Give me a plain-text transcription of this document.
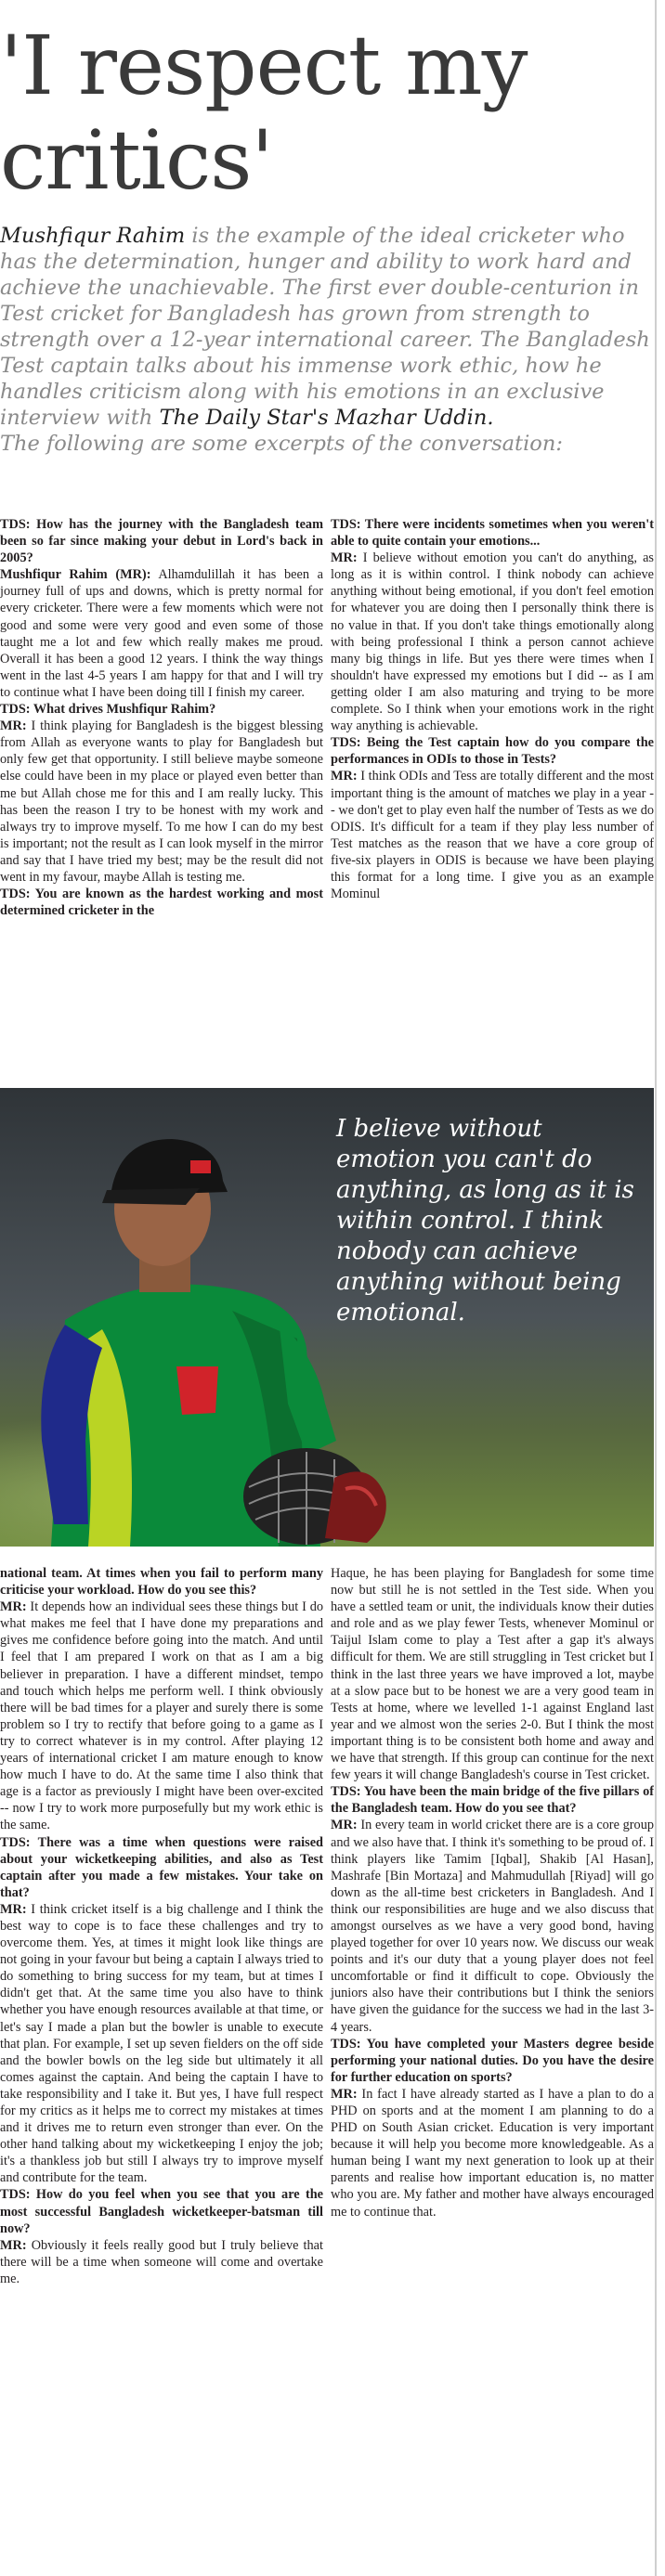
'I respect my critics'
Mushfiqur Rahim is the example of the ideal cricketer who has the determination, hunger and ability to work hard and achieve the unachievable. The first ever double-centurion in Test cricket for Bangladesh has grown from strength to strength over a 12-year international career. The Bangladesh Test captain talks about his immense work ethic, how he handles criticism along with his emotions in an exclusive interview with The Daily Star's Mazhar Uddin.
The following are some excerpts of the conversation:

TDS: How has the journey with the Bangladesh team been so far since making your debut in Lord's back in 2005?

Mushfiqur Rahim (MR): Alhamdulillah it has been a journey full of ups and downs, which is pretty normal for every cricketer. There were a few moments which were not good and some were very good and even some of those taught me a lot and few which really makes me proud. Overall it has been a good 12 years. I think the way things went in the last 4-5 years I am happy for that and I will try to continue what I have been doing till I finish my career.

TDS: What drives Mushfiqur Rahim?

MR: I think playing for Bangladesh is the biggest blessing from Allah as everyone wants to play for Bangladesh but only few get that opportunity. I still believe maybe someone else could have been in my place or played even better than me but Allah chose me for this and I am really lucky. This has been the reason I try to be honest with my work and always try to improve myself. To me how I can do my best is important; not the result as I can look myself in the mirror and say that I have tried my best; may be the result did not went in my favour, maybe Allah is testing me.

TDS: You are known as the hardest working and most determined cricketer in the

TDS: There were incidents sometimes when you weren't able to quite contain your emotions...

MR: I believe without emotion you can't do anything, as long as it is within control. I think nobody can achieve anything without being emotional, if you don't feel emotion for whatever you are doing then I personally think there is no value in that. If you don't take things emotionally along with being professional I think a person cannot achieve many big things in life. But yes there were times when I shouldn't have expressed my emotions but I did -- as I am getting older I am also maturing and trying to be more complete. So I think when your emotions work in the right way anything is achievable.

TDS: Being the Test captain how do you compare the performances in ODIs to those in Tests?

MR: I think ODIs and Tess are totally different and the most important thing is the amount of matches we play in a year -- we don't get to play even half the number of Tests as we do ODIS. It's difficult for a team if they play less number of Test matches as the reason that we have a core group of five-six players in ODIS is because we have been playing this format for a long time. I give you as an example Mominul

I believe without emotion you can't do anything, as long as it is within control. I think nobody can achieve anything without being emotional.

national team. At times when you fail to perform many criticise your workload. How do you see this?

MR: It depends how an individual sees these things but I do what makes me feel that I have done my preparations and gives me confidence before going into the match. And until I feel that I am prepared I work on that as I am a big believer in preparation. I have a different mindset, tempo and touch which helps me perform well. I think obviously there will be bad times for a player and surely there is some problem so I try to rectify that before going to a game as I try to correct whatever is in my control. After playing 12 years of international cricket I am mature enough to know how much I have to do. At the same time I also think that age is a factor as previously I might have been over-excited -- now I try to work more purposefully but my work ethic is the same.

TDS: There was a time when questions were raised about your wicketkeeping abilities, and also as Test captain after you made a few mistakes. Your take on that?

MR: I think cricket itself is a big challenge and I think the best way to cope is to face these challenges and try to overcome them. Yes, at times it might look like things are not going in your favour but being a captain I always tried to do something to bring success for my team, but at times I didn't get that. At the same time you also have to think whether you have enough resources available at that time, or let's say I made a plan but the bowler is unable to execute that plan. For example, I set up seven fielders on the off side and the bowler bowls on the leg side but ultimately it all comes against the captain. And being the captain I have to take responsibility and I take it. But yes, I have full respect for my critics as it helps me to correct my mistakes at times and it drives me to return even stronger than ever. On the other hand talking about my wicketkeeping I enjoy the job; it's a thankless job but still I always try to improve myself and contribute for the team.

TDS: How do you feel when you see that you are the most successful Bangladesh wicketkeeper-batsman till now?

MR: Obviously it feels really good but I truly believe that there will be a time when someone will come and overtake me.

Haque, he has been playing for Bangladesh for some time now but still he is not settled in the Test side. When you have a settled team or unit, the individuals know their duties and role and as we play fewer Tests, whenever Mominul or Taijul Islam come to play a Test after a gap it's always difficult for them. We are still struggling in Test cricket but I think in the last three years we have improved a lot, maybe at a slow pace but to be honest we are a very good team in Tests at home, where we levelled 1-1 against England last year and we almost won the series 2-0. But I think the most important thing is to be consistent both home and away and we have that strength. If this group can continue for the next few years it will change Bangladesh's course in Test cricket.

TDS: You have been the main bridge of the five pillars of the Bangladesh team. How do you see that?

MR: In every team in world cricket there are is a core group and we also have that. I think it's something to be proud of. I think players like Tamim [Iqbal], Shakib [Al Hasan], Mashrafe [Bin Mortaza] and Mahmudullah [Riyad] will go down as the all-time best cricketers in Bangladesh. And I think our responsibilities are huge and we also discuss that amongst ourselves as we have a very good bond, having played together for over 10 years now. We discuss our weak points and it's our duty that a young player does not feel uncomfortable or find it difficult to cope. Obviously the juniors also have their contributions but I think the seniors have given the guidance for the success we had in the last 3-4 years.

TDS: You have completed your Masters degree beside performing your national duties. Do you have the desire for further education on sports?

MR: In fact I have already started as I have a plan to do a PHD on sports and at the moment I am planning to do a PHD on South Asian cricket. Education is very important because it will help you become more knowledgeable. As a human being I want my next generation to look up at their parents and realise how important education is, no matter who you are. My father and mother have always encouraged me to continue that.
